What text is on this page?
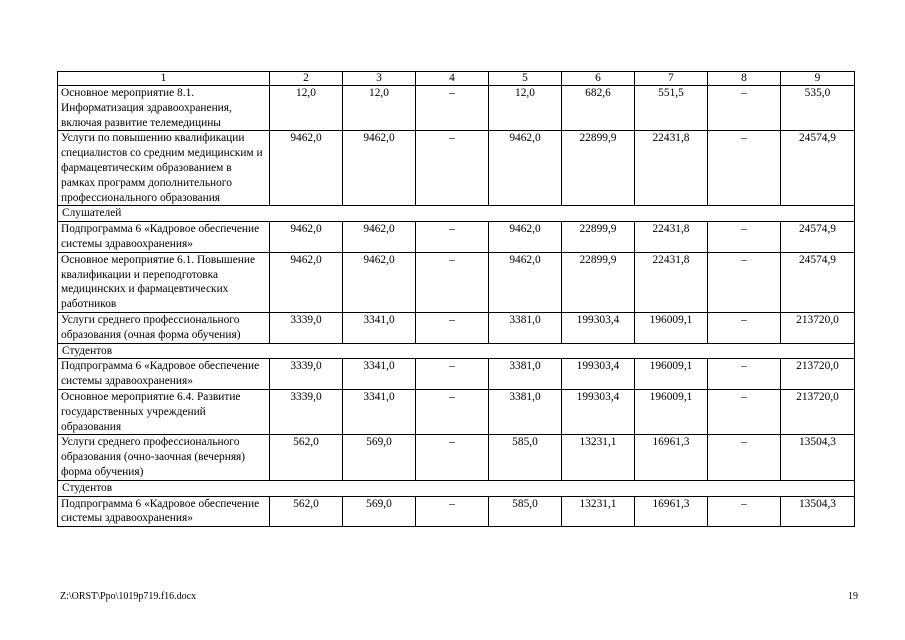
1	2	3	4	5	6	7	8	9
Основное мероприятие 8.1. Информатизация здравоохранения, включая развитие телемедицины	12,0	12,0	–	12,0	682,6	551,5	–	535,0
Услуги по повышению квалификации специалистов со средним медицинским и фармацевтическим образованием в рамках программ дополнительного профессионального образования	9462,0	9462,0	–	9462,0	22899,9	22431,8	–	24574,9
Слушателей								
Подпрограмма 6 «Кадровое обеспечение системы здравоохранения»	9462,0	9462,0	–	9462,0	22899,9	22431,8	–	24574,9
Основное мероприятие 6.1. Повышение квалификации и переподготовка медицинских и фармацевтических работников	9462,0	9462,0	–	9462,0	22899,9	22431,8	–	24574,9
Услуги среднего профессионального образования (очная форма обучения)	3339,0	3341,0	–	3381,0	199303,4	196009,1	–	213720,0
Студентов								
Подпрограмма 6 «Кадровое обеспечение системы здравоохранения»	3339,0	3341,0	–	3381,0	199303,4	196009,1	–	213720,0
Основное мероприятие 6.4. Развитие государственных учреждений образования	3339,0	3341,0	–	3381,0	199303,4	196009,1	–	213720,0
Услуги среднего профессионального образования (очно-заочная (вечерняя) форма обучения)	562,0	569,0	–	585,0	13231,1	16961,3	–	13504,3
Студентов								
Подпрограмма 6 «Кадровое обеспечение системы здравоохранения»	562,0	569,0	–	585,0	13231,1	16961,3	–	13504,3
Z:\ORST\Ppo\1019p719.f16.docx	19
